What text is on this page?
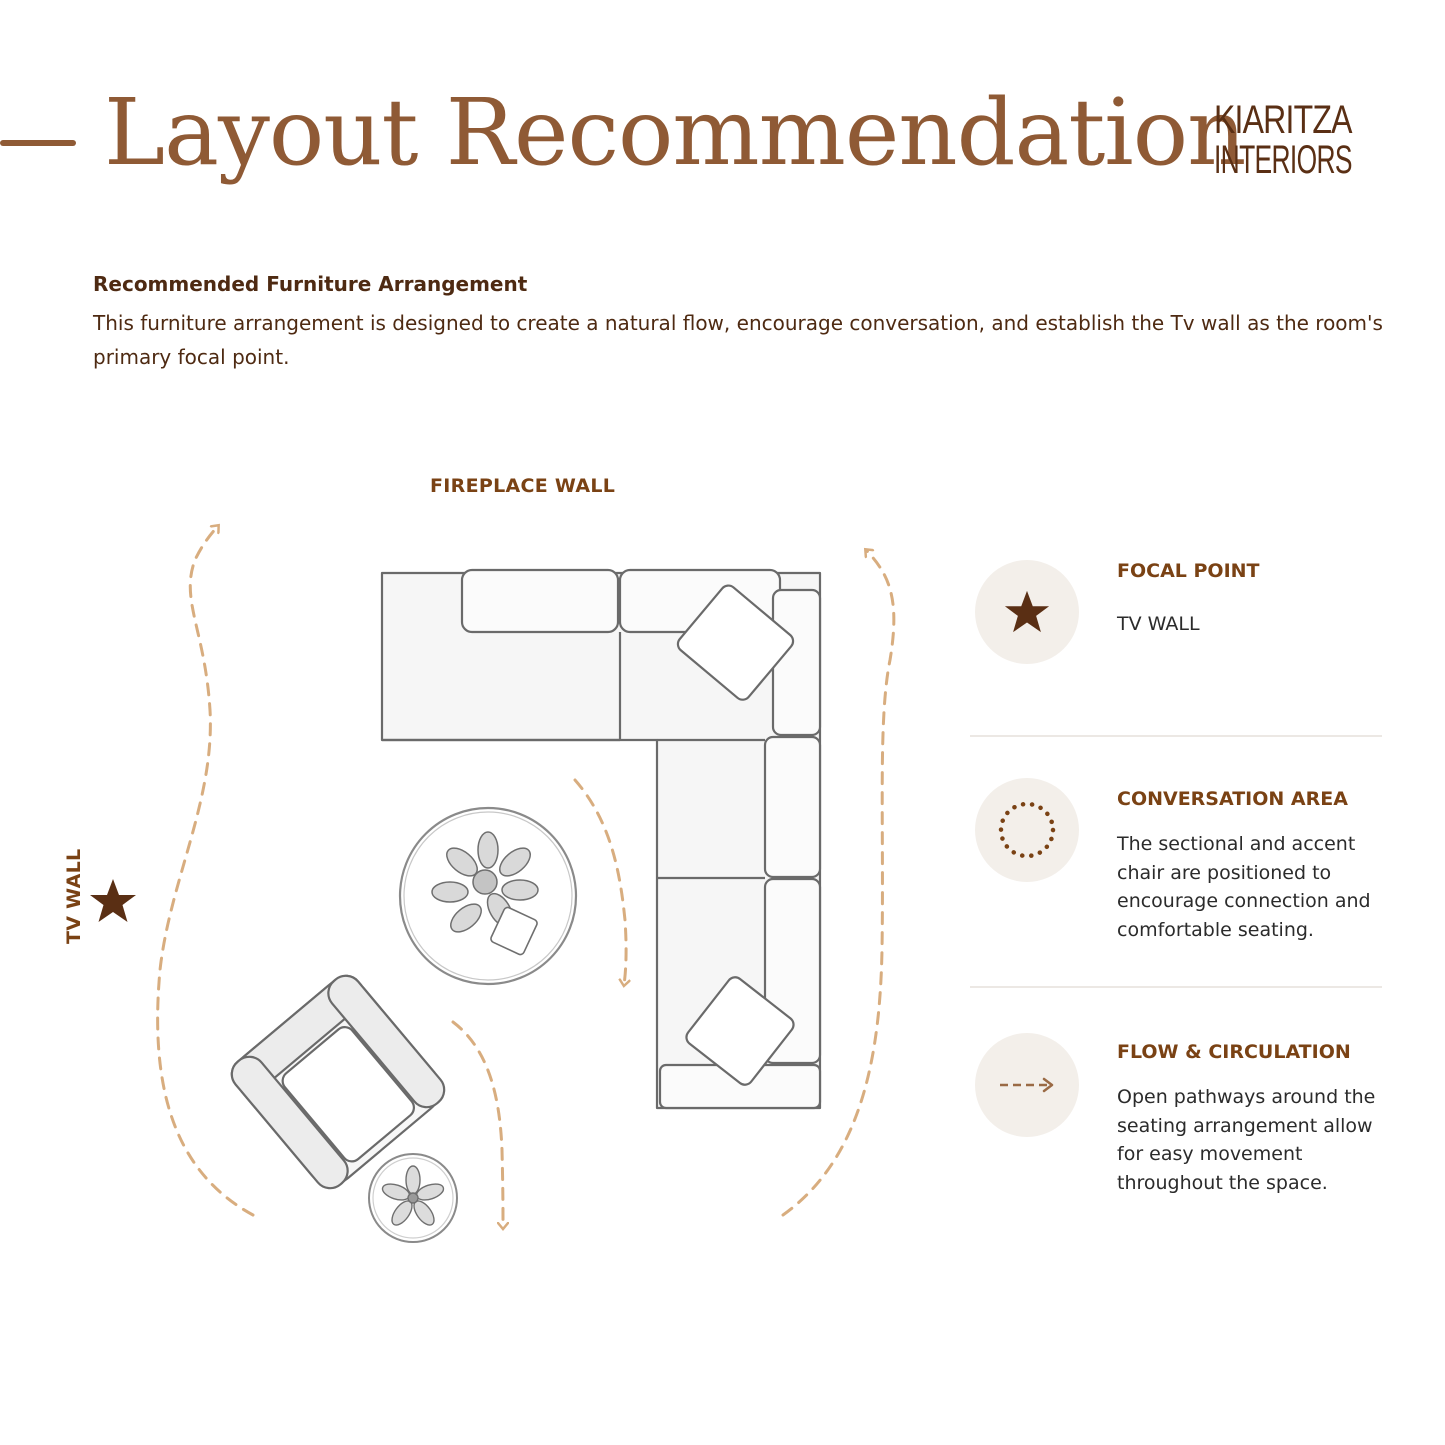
Layout Recommendation
KIARITZA
INTERIORS
Recommended Furniture Arrangement
This furniture arrangement is designed to create a natural flow, encourage conversation, and establish the Tv wall as the room's primary focal point.
FIREPLACE WALL
TV WALL
FOCAL POINT
TV WALL
CONVERSATION AREA
The sectional and accent chair are positioned to encourage connection and comfortable seating.
FLOW & CIRCULATION
Open pathways around the seating arrangement allow for easy movement throughout the space.
